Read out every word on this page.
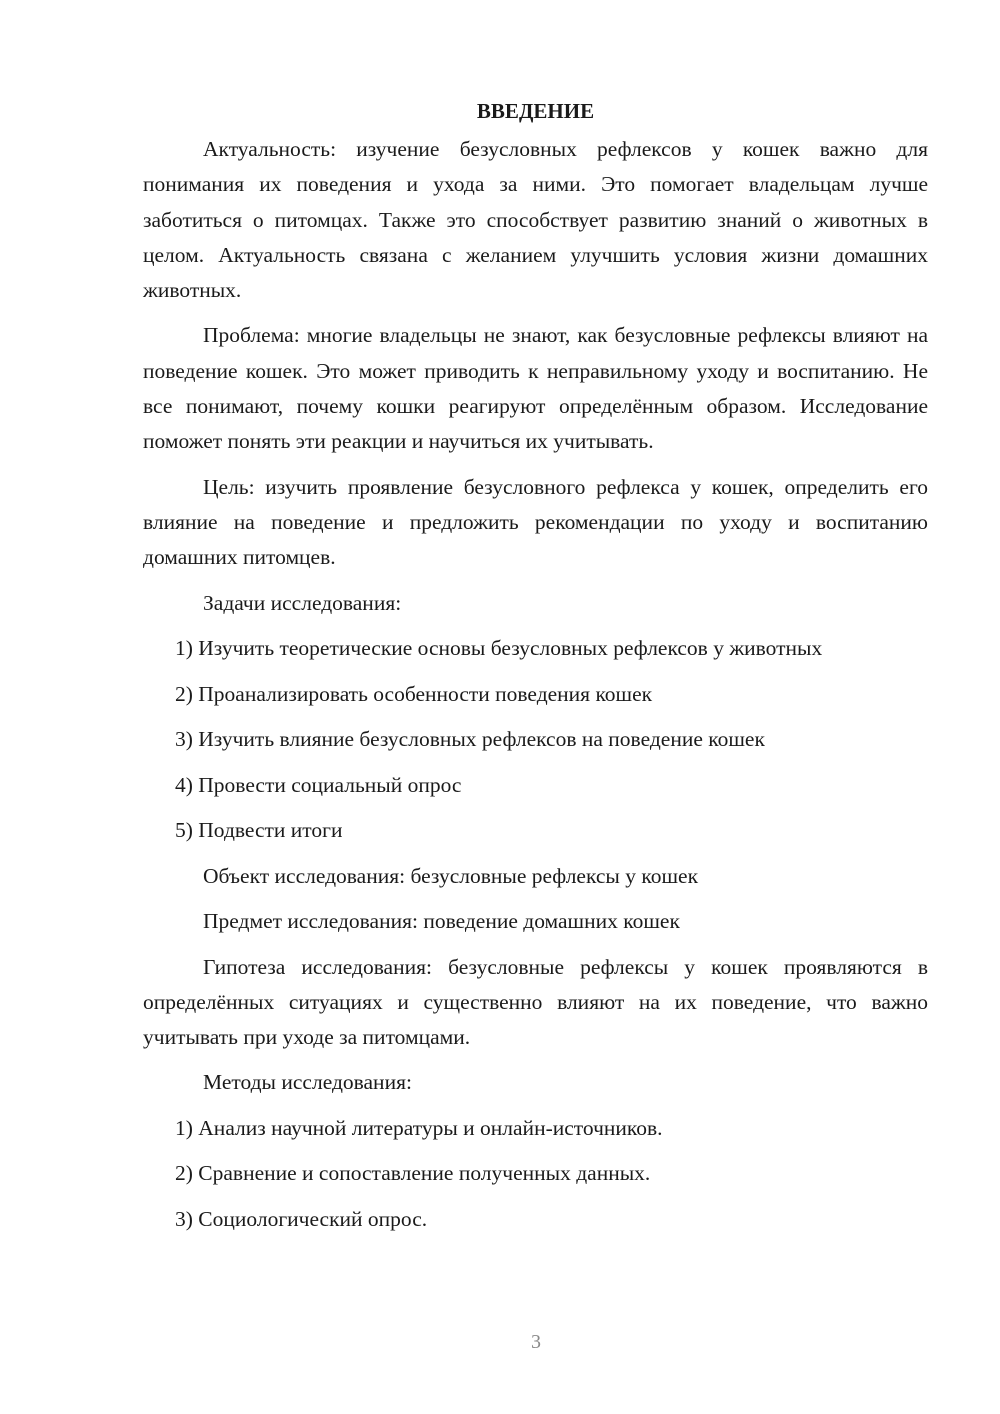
ВВЕДЕНИЕ

Актуальность: изучение безусловных рефлексов у кошек важно для понимания их поведения и ухода за ними. Это помогает владельцам лучше заботиться о питомцах. Также это способствует развитию знаний о животных в целом. Актуальность связана с желанием улучшить условия жизни домашних животных.

Проблема: многие владельцы не знают, как безусловные рефлексы влияют на поведение кошек. Это может приводить к неправильному уходу и воспитанию. Не все понимают, почему кошки реагируют определённым образом. Исследование поможет понять эти реакции и научиться их учитывать.

Цель: изучить проявление безусловного рефлекса у кошек, определить его влияние на поведение и предложить рекомендации по уходу и воспитанию домашних питомцев.

Задачи исследования:

1) Изучить теоретические основы безусловных рефлексов у животных

2) Проанализировать особенности поведения кошек

3) Изучить влияние безусловных рефлексов на поведение кошек

4) Провести социальный опрос

5) Подвести итоги

Объект исследования: безусловные рефлексы у кошек

Предмет исследования: поведение домашних кошек

Гипотеза исследования: безусловные рефлексы у кошек проявляются в определённых ситуациях и существенно влияют на их поведение, что важно учитывать при уходе за питомцами.

Методы исследования:

1) Анализ научной литературы и онлайн-источников.

2) Сравнение и сопоставление полученных данных.

3) Социологический опрос.

3
